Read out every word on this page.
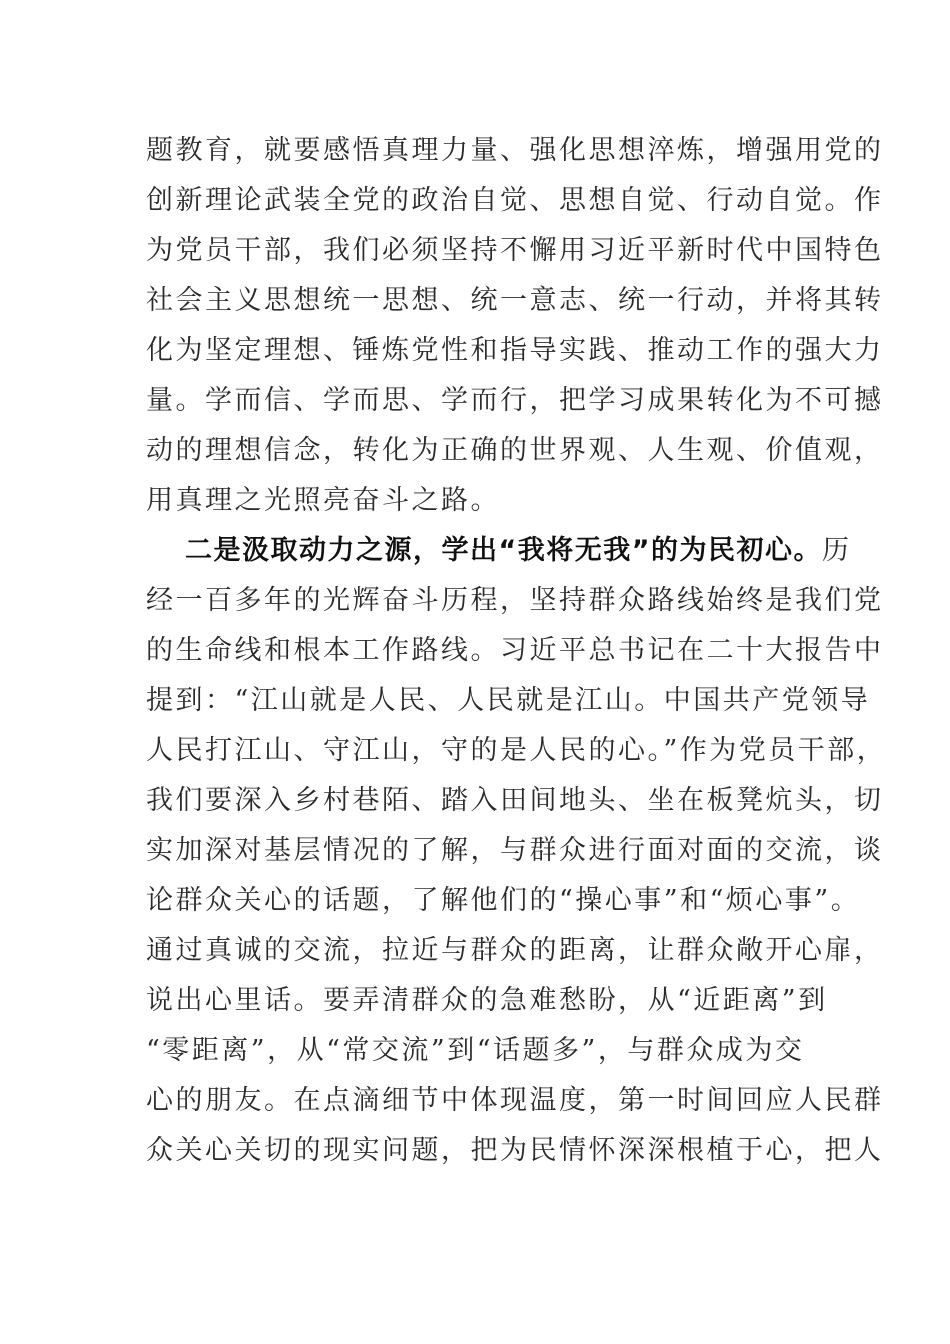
题教育，就要感悟真理力量、强化思想淬炼，增强用党的
创新理论武装全党的政治自觉、思想自觉、行动自觉。作
为党员干部，我们必须坚持不懈用习近平新时代中国特色
社会主义思想统一思想、统一意志、统一行动，并将其转
化为坚定理想、锤炼党性和指导实践、推动工作的强大力
量。学而信、学而思、学而行，把学习成果转化为不可撼
动的理想信念，转化为正确的世界观、人生观、价值观，
用真理之光照亮奋斗之路。
二是汲取动力之源，学出“我将无我”的为民初心。历
经一百多年的光辉奋斗历程，坚持群众路线始终是我们党
的生命线和根本工作路线。习近平总书记在二十大报告中
提到：“江山就是人民、人民就是江山。中国共产党领导
人民打江山、守江山，守的是人民的心。”作为党员干部，
我们要深入乡村巷陌、踏入田间地头、坐在板凳炕头，切
实加深对基层情况的了解，与群众进行面对面的交流，谈
论群众关心的话题，了解他们的“操心事”和“烦心事”。
通过真诚的交流，拉近与群众的距离，让群众敞开心扉，
说出心里话。要弄清群众的急难愁盼，从“近距离”到
“零距离”，从“常交流”到“话题多”，与群众成为交
心的朋友。在点滴细节中体现温度，第一时间回应人民群
众关心关切的现实问题，把为民情怀深深根植于心，把人
